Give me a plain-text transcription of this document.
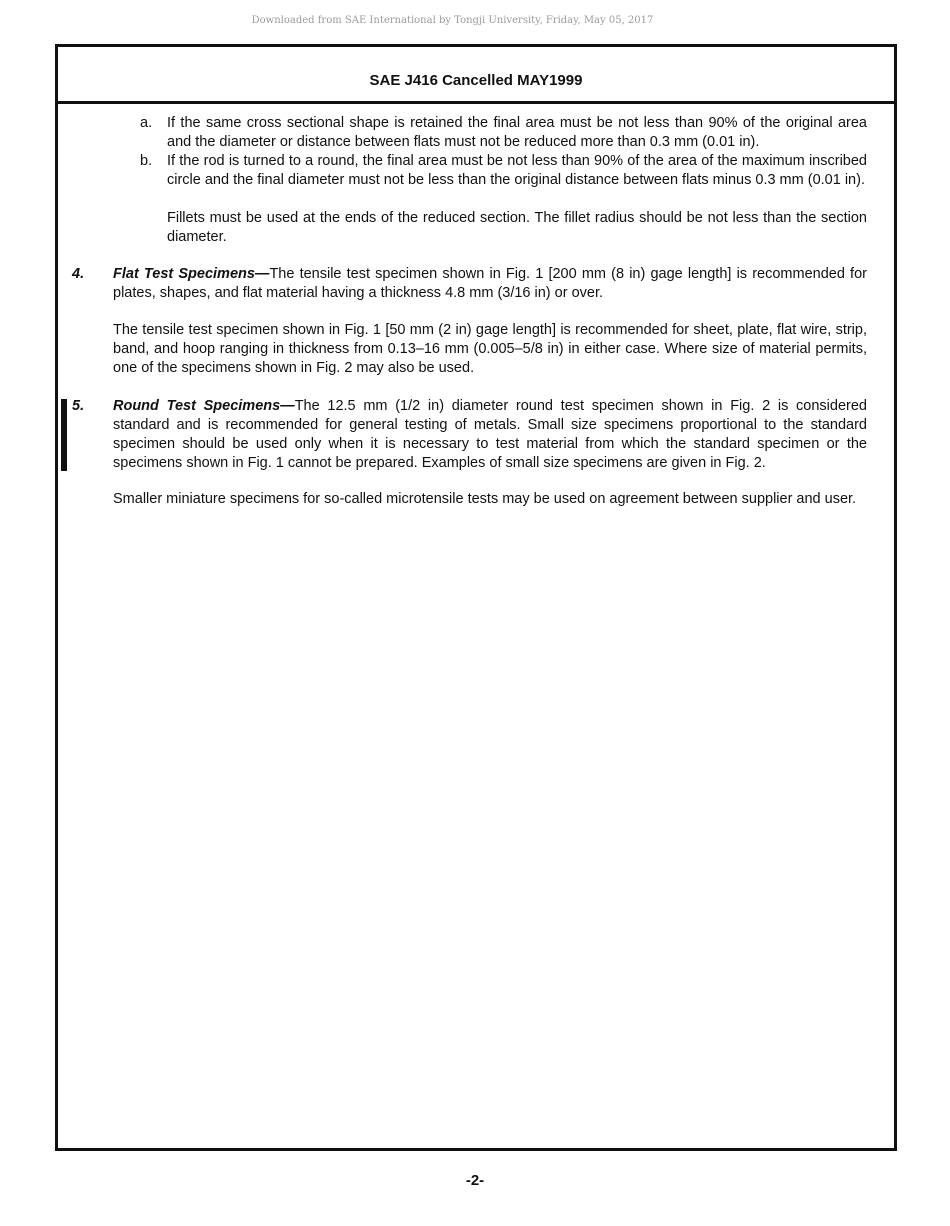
Downloaded from SAE International by Tongji University, Friday, May 05, 2017
SAE J416 Cancelled MAY1999
a. If the same cross sectional shape is retained the final area must be not less than 90% of the original area and the diameter or distance between flats must not be reduced more than 0.3 mm (0.01 in).
b. If the rod is turned to a round, the final area must be not less than 90% of the area of the maximum inscribed circle and the final diameter must not be less than the original distance between flats minus 0.3 mm (0.01 in).
Fillets must be used at the ends of the reduced section. The fillet radius should be not less than the section diameter.
4. Flat Test Specimens—The tensile test specimen shown in Fig. 1 [200 mm (8 in) gage length] is recommended for plates, shapes, and flat material having a thickness 4.8 mm (3/16 in) or over.
The tensile test specimen shown in Fig. 1 [50 mm (2 in) gage length] is recommended for sheet, plate, flat wire, strip, band, and hoop ranging in thickness from 0.13–16 mm (0.005–5/8 in) in either case. Where size of material permits, one of the specimens shown in Fig. 2 may also be used.
5. Round Test Specimens—The 12.5 mm (1/2 in) diameter round test specimen shown in Fig. 2 is considered standard and is recommended for general testing of metals. Small size specimens proportional to the standard specimen should be used only when it is necessary to test material from which the standard specimen or the specimens shown in Fig. 1 cannot be prepared. Examples of small size specimens are given in Fig. 2.
Smaller miniature specimens for so-called microtensile tests may be used on agreement between supplier and user.
-2-
